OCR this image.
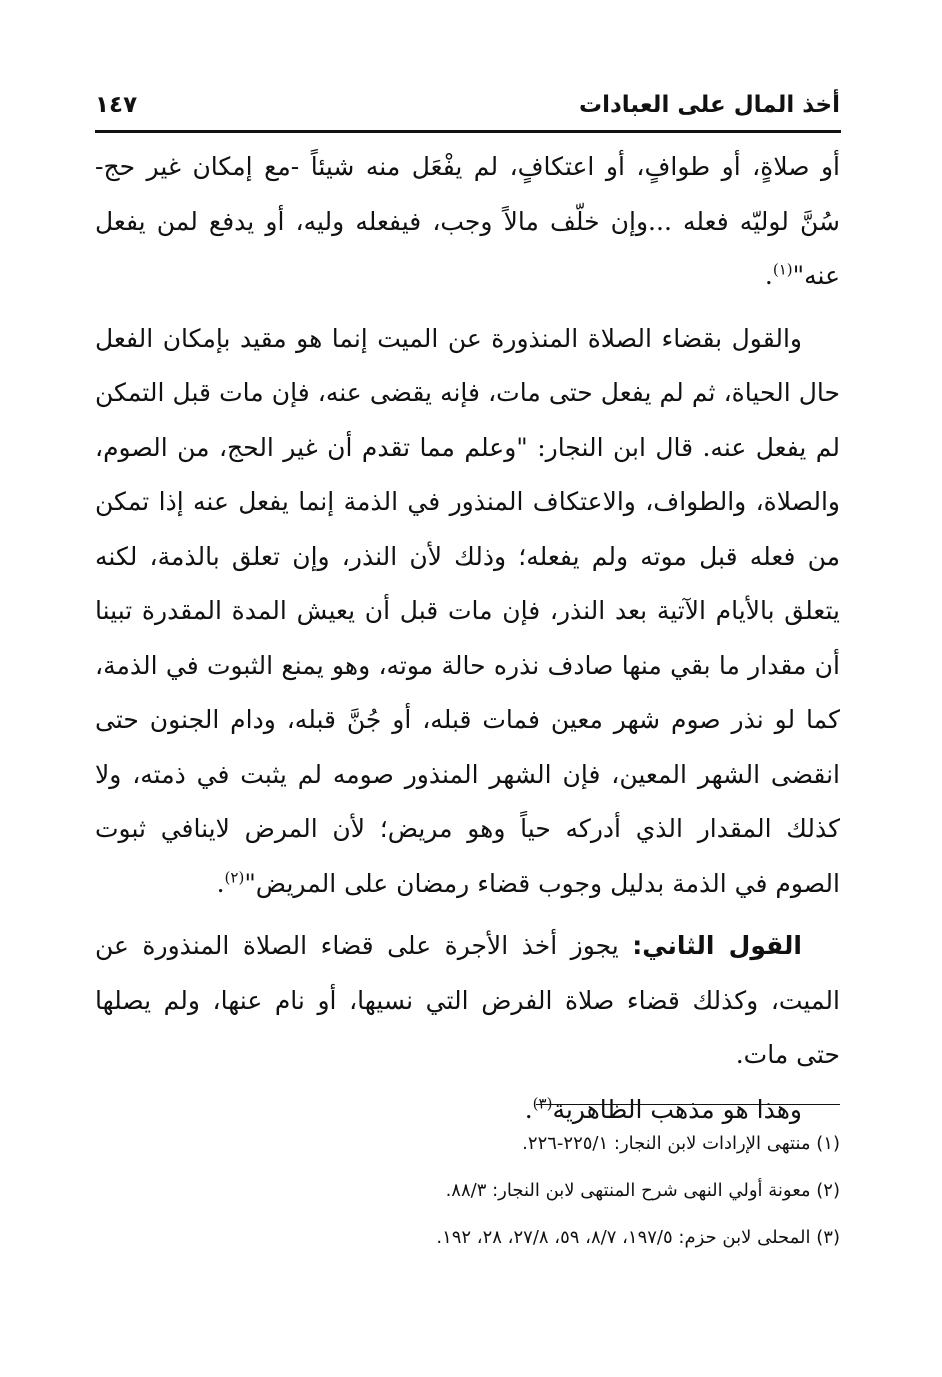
أخذ المال على العبادات
١٤٧

أو صلاةٍ، أو طوافٍ، أو اعتكافٍ، لم يفْعَل منه شيئاً -مع إمكان غير حج- سُنَّ لوليّه فعله ...وإن خلّف مالاً وجب، فيفعله وليه، أو يدفع لمن يفعل عنه"$^{(١)}$.

والقول بقضاء الصلاة المنذورة عن الميت إنما هو مقيد بإمكان الفعل حال الحياة، ثم لم يفعل حتى مات، فإنه يقضى عنه، فإن مات قبل التمكن لم يفعل عنه. قال ابن النجار: "وعلم مما تقدم أن غير الحج، من الصوم، والصلاة، والطواف، والاعتكاف المنذور في الذمة إنما يفعل عنه إذا تمكن من فعله قبل موته ولم يفعله؛ وذلك لأن النذر، وإن تعلق بالذمة، لكنه يتعلق بالأيام الآتية بعد النذر، فإن مات قبل أن يعيش المدة المقدرة تبينا أن مقدار ما بقي منها صادف نذره حالة موته، وهو يمنع الثبوت في الذمة، كما لو نذر صوم شهر معين فمات قبله، أو جُنَّ قبله، ودام الجنون حتى انقضى الشهر المعين، فإن الشهر المنذور صومه لم يثبت في ذمته، ولا كذلك المقدار الذي أدركه حياً وهو مريض؛ لأن المرض لاينافي ثبوت الصوم في الذمة بدليل وجوب قضاء رمضان على المريض"$^{(٢)}$.

القول الثاني: يجوز أخذ الأجرة على قضاء الصلاة المنذورة عن الميت، وكذلك قضاء صلاة الفرض التي نسيها، أو نام عنها، ولم يصلها حتى مات.

وهذا هو مذهب الظاهرية$^{(٣)}$.

(١) منتهى الإرادات لابن النجار: ٢٢٥/١-٢٢٦.
(٢) معونة أولي النهى شرح المنتهى لابن النجار: ٨٨/٣.
(٣) المحلى لابن حزم: ١٩٧/٥، ٨/٧، ٥٩، ٢٧/٨، ٢٨، ١٩٢.
